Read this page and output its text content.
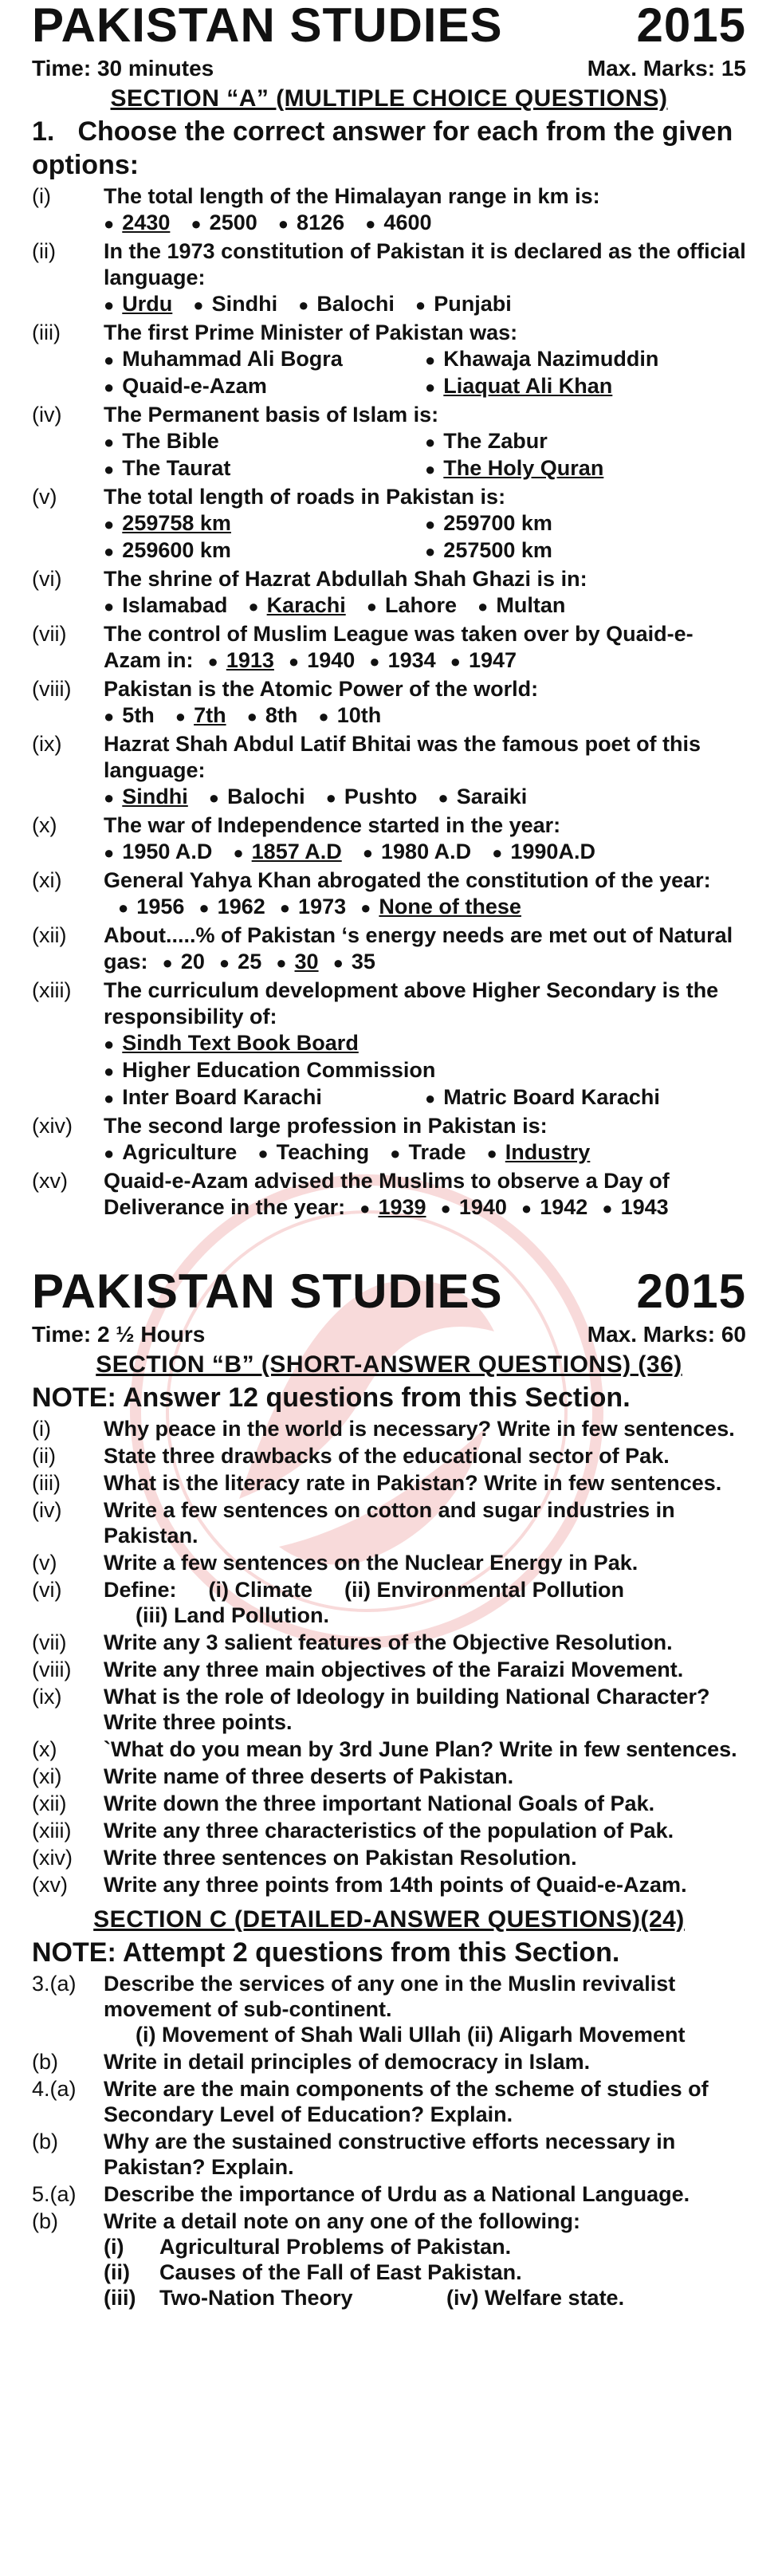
PAKISTAN STUDIES	2015
Time: 30 minutes	Max. Marks: 15
SECTION “A” (MULTIPLE CHOICE QUESTIONS)
1. Choose the correct answer for each from the given options:
(i)	The total length of the Himalayan range in km is:
● 2430 ● 2500 ● 8126 ● 4600
(ii)	In the 1973 constitution of Pakistan it is declared as the official language:
● Urdu ● Sindhi ● Balochi ● Punjabi
(iii)	The first Prime Minister of Pakistan was:
● Muhammad Ali Bogra	● Khawaja Nazimuddin
● Quaid-e-Azam	● Liaquat Ali Khan
(iv)	The Permanent basis of Islam is:
● The Bible	● The Zabur
● The Taurat	● The Holy Quran
(v)	The total length of roads in Pakistan is:
● 259758 km	● 259700 km
● 259600 km	● 257500 km
(vi)	The shrine of Hazrat Abdullah Shah Ghazi is in:
● Islamabad ● Karachi ● Lahore ● Multan
(vii)	The control of Muslim League was taken over by Quaid-e-Azam in: ● 1913 ● 1940 ● 1934 ● 1947
(viii)	Pakistan is the Atomic Power of the world:
● 5th ● 7th ● 8th ● 10th
(ix)	Hazrat Shah Abdul Latif Bhitai was the famous poet of this language:
● Sindhi ● Balochi ● Pushto ● Saraiki
(x)	The war of Independence started in the year:
● 1950 A.D ● 1857 A.D ● 1980 A.D ● 1990A.D
(xi)	General Yahya Khan abrogated the constitution of the year:
● 1956 ● 1962 ● 1973 ● None of these
(xii)	About.....% of Pakistan ‘s energy needs are met out of Natural gas: ● 20 ● 25 ● 30 ● 35
(xiii)	The curriculum development above Higher Secondary is the responsibility of:
● Sindh Text Book Board
● Higher Education Commission
● Inter Board Karachi	● Matric Board Karachi
(xiv)	The second large profession in Pakistan is:
● Agriculture ● Teaching ● Trade ● Industry
(xv)	Quaid-e-Azam advised the Muslims to observe a Day of Deliverance in the year: ● 1939 ● 1940 ● 1942 ● 1943
PAKISTAN STUDIES	2015
Time: 2 ½ Hours	Max. Marks: 60
SECTION “B” (SHORT-ANSWER QUESTIONS) (36)
NOTE: Answer 12 questions from this Section.
(i)	Why peace in the world is necessary? Write in few sentences.
(ii)	State three drawbacks of the educational sector of Pak.
(iii)	What is the literacy rate in Pakistan? Write in few sentences.
(iv)	Write a few sentences on cotton and sugar industries in Pakistan.
(v)	Write a few sentences on the Nuclear Energy in Pak.
(vi)	Define: (i) Climate (ii) Environmental Pollution
(iii) Land Pollution.
(vii)	Write any 3 salient features of the Objective Resolution.
(viii)	Write any three main objectives of the Faraizi Movement.
(ix)	What is the role of Ideology in building National Character? Write three points.
(x)	`What do you mean by 3rd June Plan? Write in few sentences.
(xi)	Write name of three deserts of Pakistan.
(xii)	Write down the three important National Goals of Pak.
(xiii)	Write any three characteristics of the population of Pak.
(xiv)	Write three sentences on Pakistan Resolution.
(xv)	Write any three points from 14th points of Quaid-e-Azam.
SECTION C (DETAILED-ANSWER QUESTIONS)(24)
NOTE: Attempt 2 questions from this Section.
3.(a)	Describe the services of any one in the Muslin revivalist movement of sub-continent.
(i) Movement of Shah Wali Ullah (ii) Aligarh Movement
(b)	Write in detail principles of democracy in Islam.
4.(a)	Write are the main components of the scheme of studies of Secondary Level of Education? Explain.
(b)	Why are the sustained constructive efforts necessary in Pakistan? Explain.
5.(a)	Describe the importance of Urdu as a National Language.
(b)	Write a detail note on any one of the following:
(i)	Agricultural Problems of Pakistan.
(ii)	Causes of the Fall of East Pakistan.
(iii)	Two-Nation Theory	(iv) Welfare state.
